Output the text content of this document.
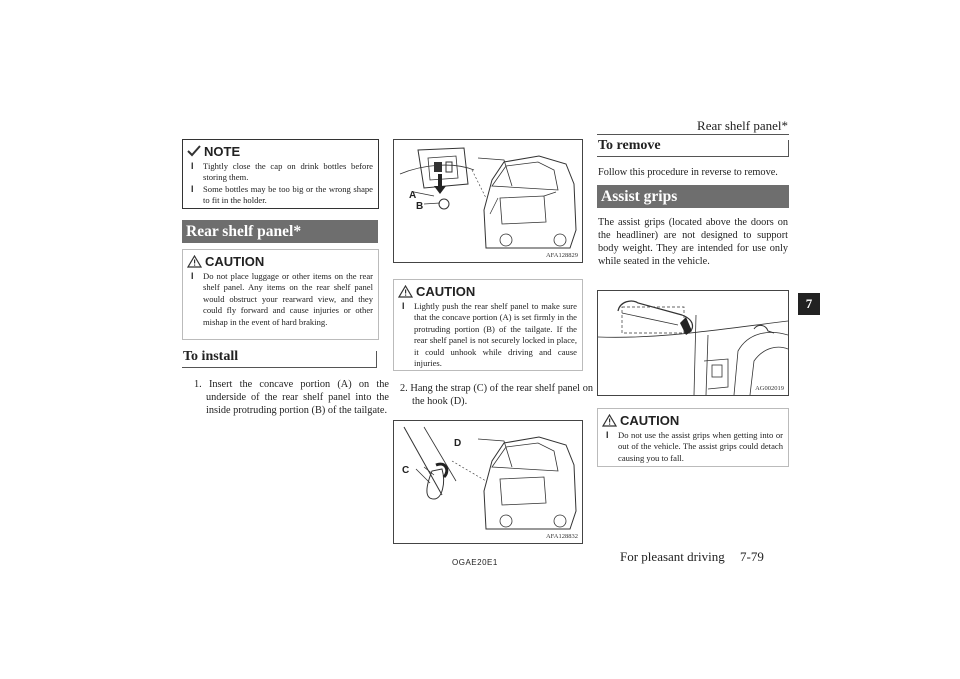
Rear shelf panel*
7
NOTE
l Tightly close the cap on drink bottles before storing them.
l Some bottles may be too big or the wrong shape to fit in the holder.
Rear shelf panel*
CAUTION
l Do not place luggage or other items on the rear shelf panel. Any items on the rear shelf panel would obstruct your rearward view, and they could fly forward and cause injuries or other mishap in the event of hard braking.
To install
1. Insert the concave portion (A) on the underside of the rear shelf panel into the inside protruding portion (B) of the tailgate.
A
B
AFA128829
CAUTION
l Lightly push the rear shelf panel to make sure that the concave portion (A) is set firmly in the protruding portion (B) of the tailgate. If the rear shelf panel is not securely locked in place, it could unhook while driving and cause injuries.
2. Hang the strap (C) of the rear shelf panel on the hook (D).
D
C
AFA128832
To remove
Follow this procedure in reverse to remove.
Assist grips
The assist grips (located above the doors on the headliner) are not designed to support body weight. They are intended for use only while seated in the vehicle.
AG002019
CAUTION
l Do not use the assist grips when getting into or out of the vehicle. The assist grips could detach causing you to fall.
OGAE20E1	For pleasant driving 7-79
